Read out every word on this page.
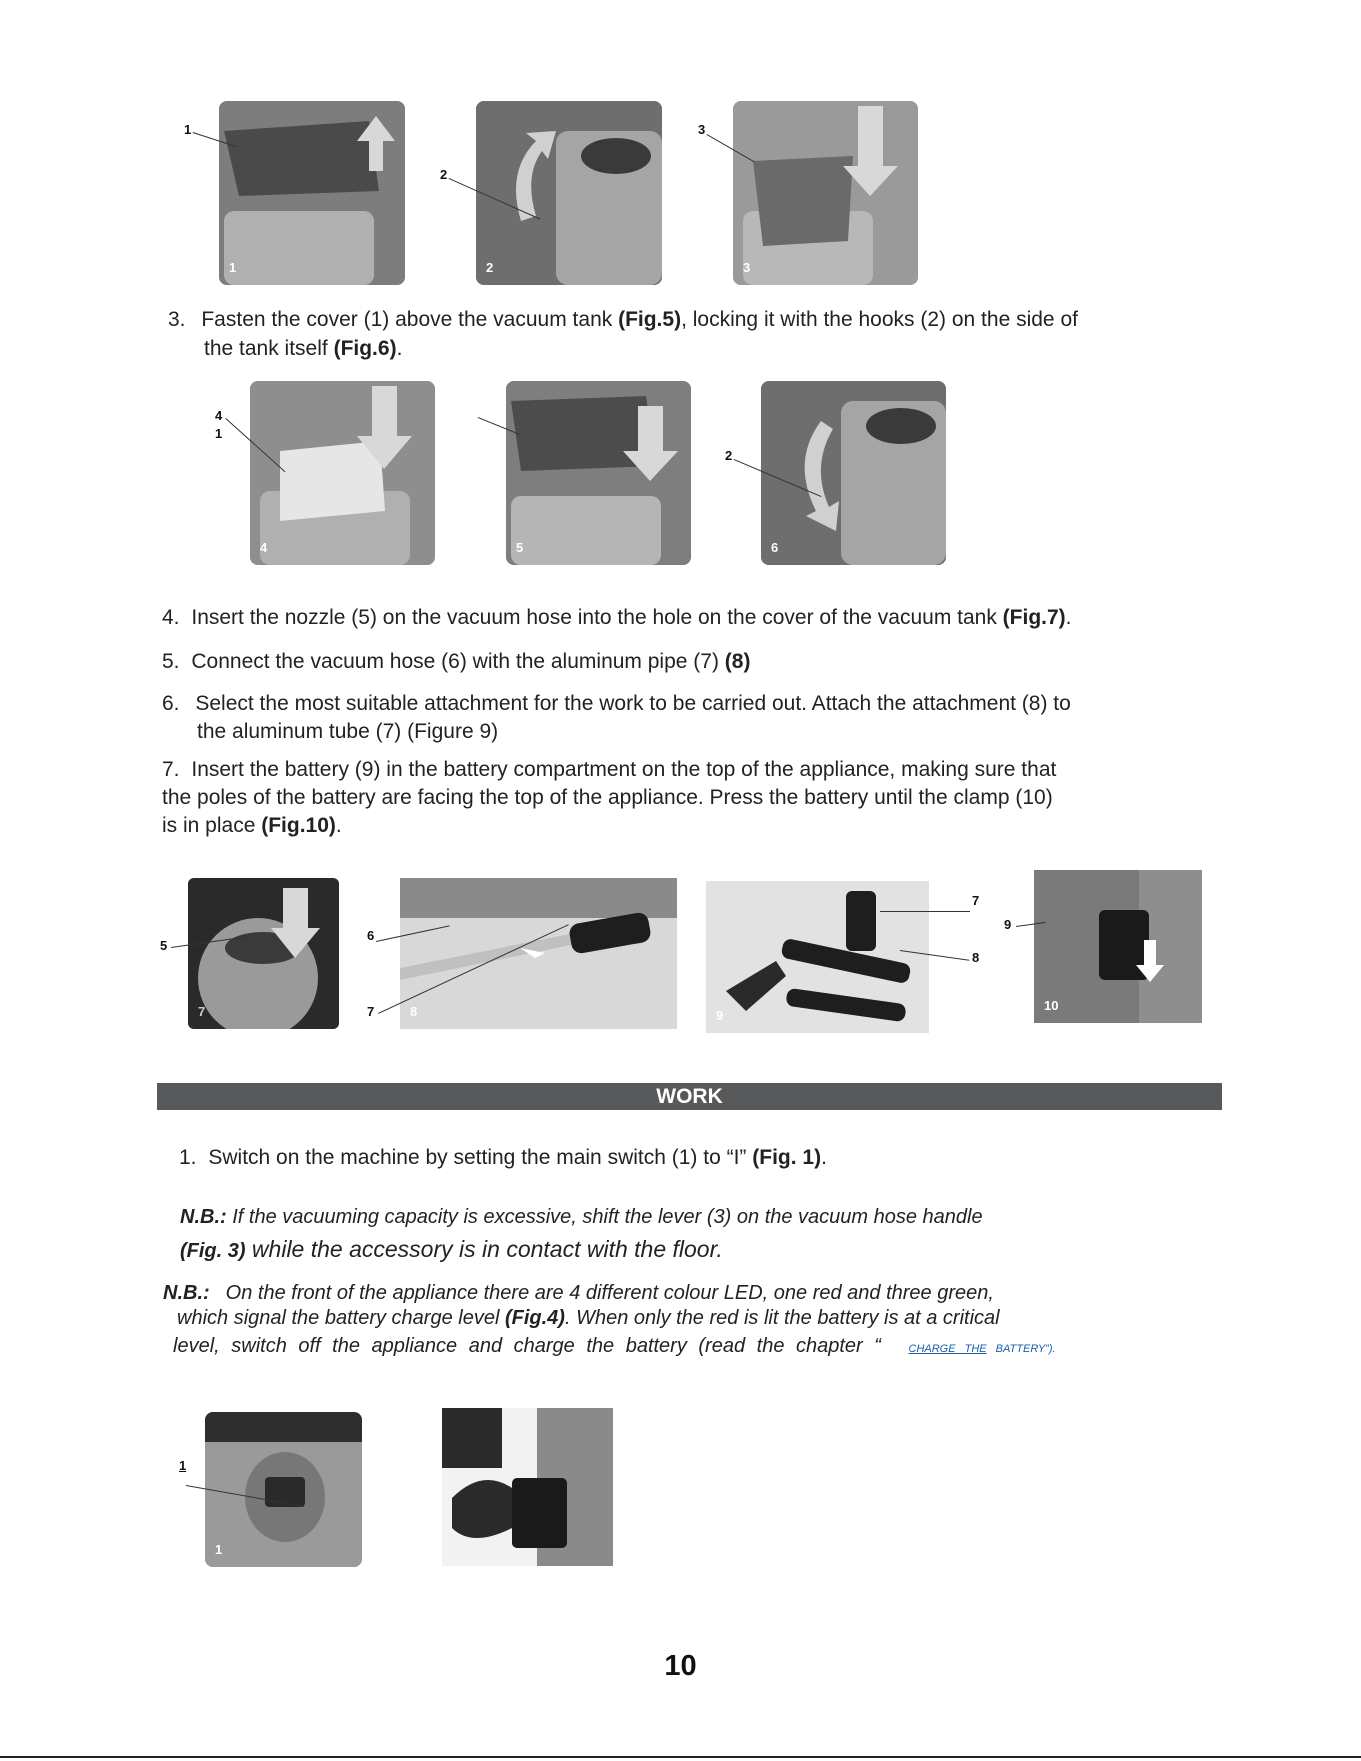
1	2	3
1
2
3
3. Fasten the cover (1) above the vacuum tank (Fig.5), locking it with the hooks (2) on the side of
the tank itself (Fig.6).
4	5	6
4
1
2
4. Insert the nozzle (5) on the vacuum hose into the hole on the cover of the vacuum tank (Fig.7).
5. Connect the vacuum hose (6) with the aluminum pipe (7) (8)
6. Select the most suitable attachment for the work to be carried out. Attach the attachment (8) to
the aluminum tube (7) (Figure 9)
7. Insert the battery (9) in the battery compartment on the top of the appliance, making sure that
the poles of the battery are facing the top of the appliance. Press the battery until the clamp (10)
is in place (Fig.10).
7	8	9
10
5
6
7
7
8
9
WORK
1. Switch on the machine by setting the main switch (1) to “I” (Fig. 1).
N.B.: If the vacuuming capacity is excessive, shift the lever (3) on the vacuum hose handle
(Fig. 3) while the accessory is in contact with the floor.
N.B.: On the front of the appliance there are 4 different colour LED, one red and three green,
which signal the battery charge level (Fig.4). When only the red is lit the battery is at a critical
level, switch off the appliance and charge the battery (read the chapter “	CHARGE THE BATTERY”).
1
1
10
